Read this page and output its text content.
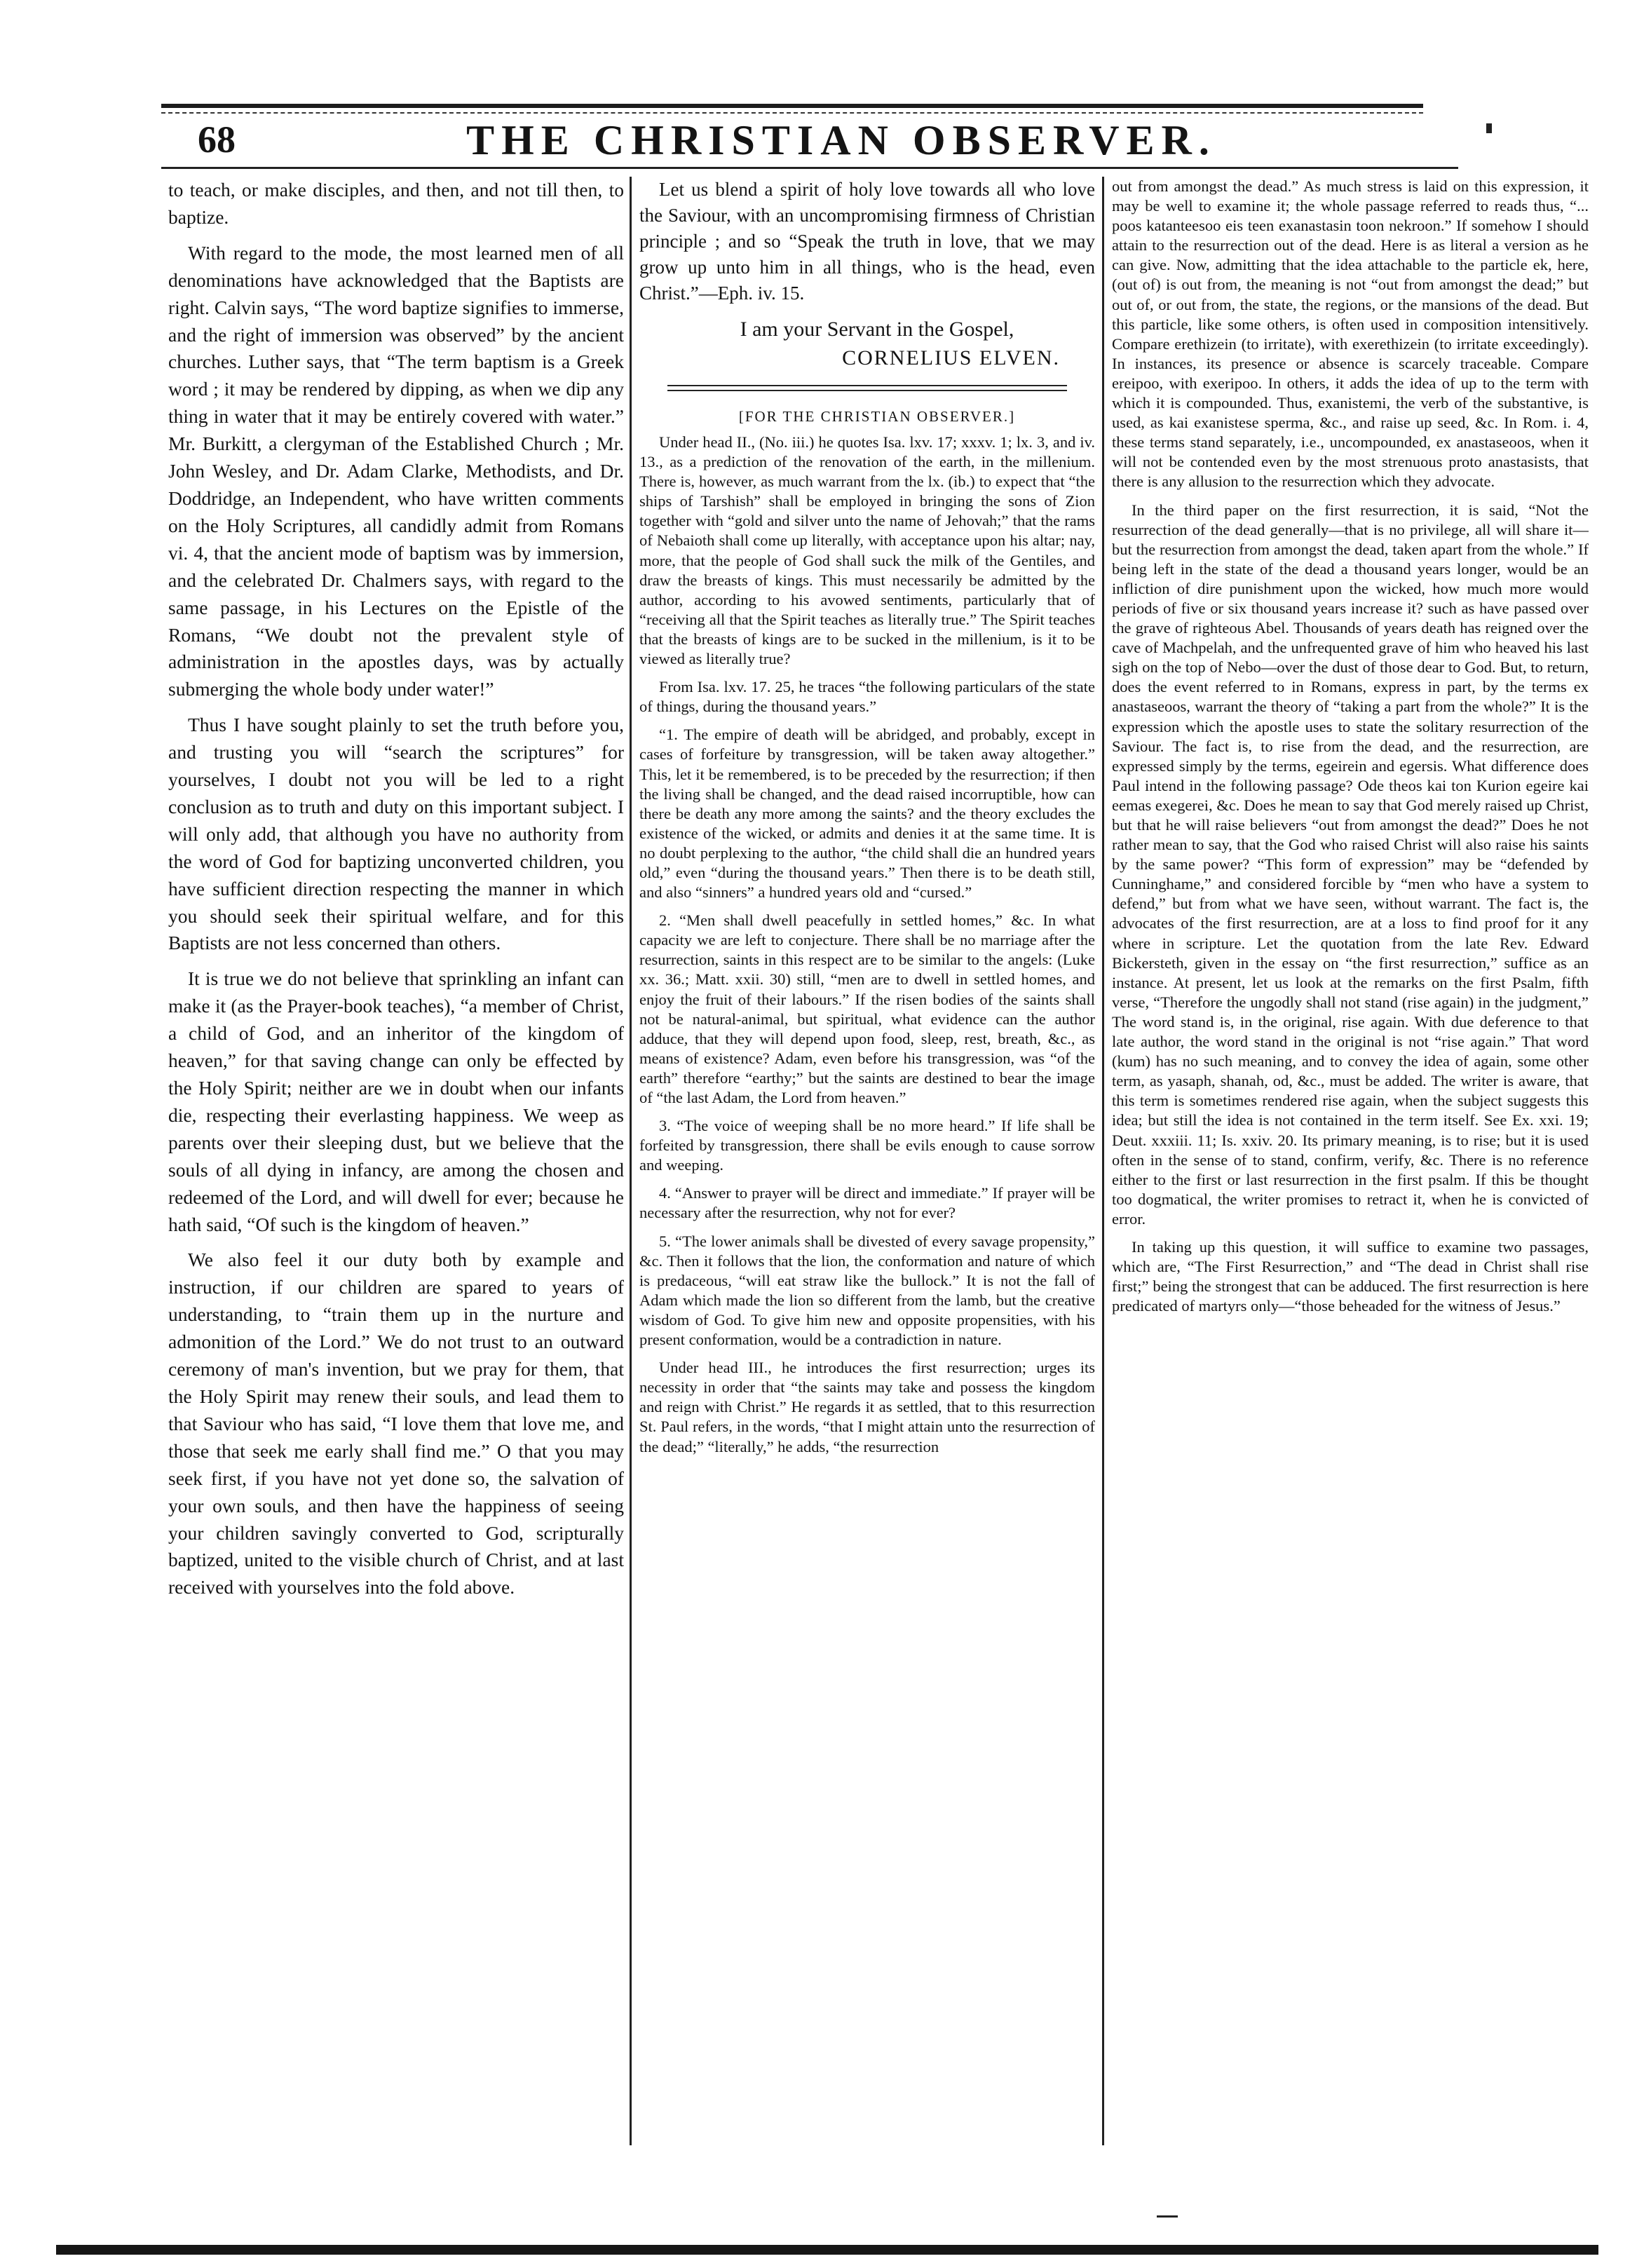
68	THE CHRISTIAN OBSERVER.

to teach, or make disciples, and then, and not till then, to baptize.

With regard to the mode, the most learned men of all denominations have acknowledged that the Baptists are right. Calvin says, “The word baptize signifies to immerse, and the right of immersion was observed” by the ancient churches. Luther says, that “The term baptism is a Greek word ; it may be rendered by dipping, as when we dip any thing in water that it may be entirely covered with water.” Mr. Burkitt, a clergyman of the Established Church ; Mr. John Wesley, and Dr. Adam Clarke, Methodists, and Dr. Doddridge, an Independent, who have written comments on the Holy Scriptures, all candidly admit from Romans vi. 4, that the ancient mode of baptism was by immersion, and the celebrated Dr. Chalmers says, with regard to the same passage, in his Lectures on the Epistle of the Romans, “We doubt not the prevalent style of administration in the apostles days, was by actually submerging the whole body under water!”

Thus I have sought plainly to set the truth before you, and trusting you will “search the scriptures” for yourselves, I doubt not you will be led to a right conclusion as to truth and duty on this important subject. I will only add, that although you have no authority from the word of God for baptizing unconverted children, you have sufficient direction respecting the manner in which you should seek their spiritual welfare, and for this Baptists are not less concerned than others.

It is true we do not believe that sprinkling an infant can make it (as the Prayer-book teaches), “a member of Christ, a child of God, and an inheritor of the kingdom of heaven,” for that saving change can only be effected by the Holy Spirit; neither are we in doubt when our infants die, respecting their everlasting happiness. We weep as parents over their sleeping dust, but we believe that the souls of all dying in infancy, are among the chosen and redeemed of the Lord, and will dwell for ever; because he hath said, “Of such is the kingdom of heaven.”

We also feel it our duty both by example and instruction, if our children are spared to years of understanding, to “train them up in the nurture and admonition of the Lord.” We do not trust to an outward ceremony of man's invention, but we pray for them, that the Holy Spirit may renew their souls, and lead them to that Saviour who has said, “I love them that love me, and those that seek me early shall find me.” O that you may seek first, if you have not yet done so, the salvation of your own souls, and then have the happiness of seeing your children savingly converted to God, scripturally baptized, united to the visible church of Christ, and at last received with yourselves into the fold above.

Let us blend a spirit of holy love towards all who love the Saviour, with an uncompromising firmness of Christian principle ; and so “Speak the truth in love, that we may grow up unto him in all things, who is the head, even Christ.”—Eph. iv. 15.

I am your Servant in the Gospel,

CORNELIUS ELVEN.

[FOR THE CHRISTIAN OBSERVER.]

Under head II., (No. iii.) he quotes Isa. lxv. 17; xxxv. 1; lx. 3, and iv. 13., as a prediction of the renovation of the earth, in the millenium. There is, however, as much warrant from the lx. (ib.) to expect that “the ships of Tarshish” shall be employed in bringing the sons of Zion together with “gold and silver unto the name of Jehovah;” that the rams of Nebaioth shall come up literally, with acceptance upon his altar; nay, more, that the people of God shall suck the milk of the Gentiles, and draw the breasts of kings. This must necessarily be admitted by the author, according to his avowed sentiments, particularly that of “receiving all that the Spirit teaches as literally true.” The Spirit teaches that the breasts of kings are to be sucked in the millenium, is it to be viewed as literally true?

From Isa. lxv. 17. 25, he traces “the following particulars of the state of things, during the thousand years.”

“1. The empire of death will be abridged, and probably, except in cases of forfeiture by transgression, will be taken away altogether.” This, let it be remembered, is to be preceded by the resurrection; if then the living shall be changed, and the dead raised incorruptible, how can there be death any more among the saints? and the theory excludes the existence of the wicked, or admits and denies it at the same time. It is no doubt perplexing to the author, “the child shall die an hundred years old,” even “during the thousand years.” Then there is to be death still, and also “sinners” a hundred years old and “cursed.”

2. “Men shall dwell peacefully in settled homes,” &c. In what capacity we are left to conjecture. There shall be no marriage after the resurrection, saints in this respect are to be similar to the angels: (Luke xx. 36.; Matt. xxii. 30) still, “men are to dwell in settled homes, and enjoy the fruit of their labours.” If the risen bodies of the saints shall not be natural-animal, but spiritual, what evidence can the author adduce, that they will depend upon food, sleep, rest, breath, &c., as means of existence? Adam, even before his transgression, was “of the earth” therefore “earthy;” but the saints are destined to bear the image of “the last Adam, the Lord from heaven.”

3. “The voice of weeping shall be no more heard.” If life shall be forfeited by transgression, there shall be evils enough to cause sorrow and weeping.

4. “Answer to prayer will be direct and immediate.” If prayer will be necessary after the resurrection, why not for ever?

5. “The lower animals shall be divested of every savage propensity,” &c. Then it follows that the lion, the conformation and nature of which is predaceous, “will eat straw like the bullock.” It is not the fall of Adam which made the lion so different from the lamb, but the creative wisdom of God. To give him new and opposite propensities, with his present conformation, would be a contradiction in nature.

Under head III., he introduces the first resurrection; urges its necessity in order that “the saints may take and possess the kingdom and reign with Christ.” He regards it as settled, that to this resurrection St. Paul refers, in the words, “that I might attain unto the resurrection of the dead;” “literally,” he adds, “the resurrection

out from amongst the dead.” As much stress is laid on this expression, it may be well to examine it; the whole passage referred to reads thus, “... poos katanteesoo eis teen exanastasin toon nekroon.” If somehow I should attain to the resurrection out of the dead. Here is as literal a version as he can give. Now, admitting that the idea attachable to the particle ek, here, (out of) is out from, the meaning is not “out from amongst the dead;” but out of, or out from, the state, the regions, or the mansions of the dead. But this particle, like some others, is often used in composition intensitively. Compare erethizein (to irritate), with exerethizein (to irritate exceedingly). In instances, its presence or absence is scarcely traceable. Compare ereipoo, with exeripoo. In others, it adds the idea of up to the term with which it is compounded. Thus, exanistemi, the verb of the substantive, is used, as kai exanistese sperma, &c., and raise up seed, &c. In Rom. i. 4, these terms stand separately, i.e., uncompounded, ex anastaseoos, when it will not be contended even by the most strenuous proto anastasists, that there is any allusion to the resurrection which they advocate.

In the third paper on the first resurrection, it is said, “Not the resurrection of the dead generally—that is no privilege, all will share it—but the resurrection from amongst the dead, taken apart from the whole.” If being left in the state of the dead a thousand years longer, would be an infliction of dire punishment upon the wicked, how much more would periods of five or six thousand years increase it? such as have passed over the grave of righteous Abel. Thousands of years death has reigned over the cave of Machpelah, and the unfrequented grave of him who heaved his last sigh on the top of Nebo—over the dust of those dear to God. But, to return, does the event referred to in Romans, express in part, by the terms ex anastaseoos, warrant the theory of “taking a part from the whole?” It is the expression which the apostle uses to state the solitary resurrection of the Saviour. The fact is, to rise from the dead, and the resurrection, are expressed simply by the terms, egeirein and egersis. What difference does Paul intend in the following passage? Ode theos kai ton Kurion egeire kai eemas exegerei, &c. Does he mean to say that God merely raised up Christ, but that he will raise believers “out from amongst the dead?” Does he not rather mean to say, that the God who raised Christ will also raise his saints by the same power? “This form of expression” may be “defended by Cunninghame,” and considered forcible by “men who have a system to defend,” but from what we have seen, without warrant. The fact is, the advocates of the first resurrection, are at a loss to find proof for it any where in scripture. Let the quotation from the late Rev. Edward Bickersteth, given in the essay on “the first resurrection,” suffice as an instance. At present, let us look at the remarks on the first Psalm, fifth verse, “Therefore the ungodly shall not stand (rise again) in the judgment,” The word stand is, in the original, rise again. With due deference to that late author, the word stand in the original is not “rise again.” That word (kum) has no such meaning, and to convey the idea of again, some other term, as yasaph, shanah, od, &c., must be added. The writer is aware, that this term is sometimes rendered rise again, when the subject suggests this idea; but still the idea is not contained in the term itself. See Ex. xxi. 19; Deut. xxxiii. 11; Is. xxiv. 20. Its primary meaning, is to rise; but it is used often in the sense of to stand, confirm, verify, &c. There is no reference either to the first or last resurrection in the first psalm. If this be thought too dogmatical, the writer promises to retract it, when he is convicted of error.

In taking up this question, it will suffice to examine two passages, which are, “The First Resurrection,” and “The dead in Christ shall rise first;” being the strongest that can be adduced. The first resurrection is here predicated of martyrs only—“those beheaded for the witness of Jesus.”
